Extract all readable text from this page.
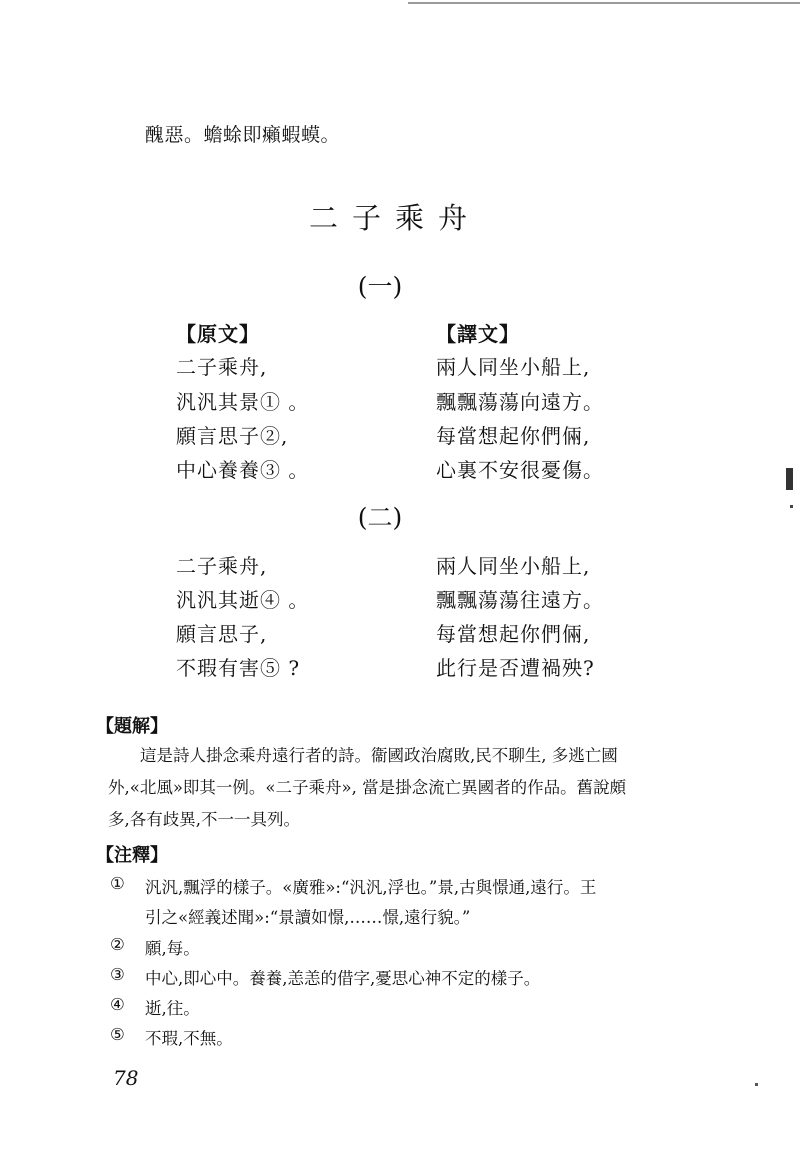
醜惡。蟾蜍即癩蝦蟆。
二子乘舟
(一)
【原文】	【譯文】
二子乘舟,
汎汎其景① 。
願言思子②,
中心養養③ 。
兩人同坐小船上,
飄飄蕩蕩向遠方。
每當想起你們倆,
心裏不安很憂傷。
(二)
二子乘舟,
汎汎其逝④ 。
願言思子,
不瑕有害⑤ ?
兩人同坐小船上,
飄飄蕩蕩往遠方。
每當想起你們倆,
此行是否遭禍殃?
【題解】
這是詩人掛念乘舟遠行者的詩。衞國政治腐敗,民不聊生, 多逃亡國
外,«北風»即其一例。«二子乘舟», 當是掛念流亡異國者的作品。舊說頗
多,各有歧異,不一一具列。
【注釋】
① 汎汎,飄浮的樣子。«廣雅»:“汎汎,浮也。”景,古與憬通,遠行。王
引之«經義述聞»:“景讀如憬,……憬,遠行貌。”
② 願,每。
③ 中心,即心中。養養,恙恙的借字,憂思心神不定的樣子。
④ 逝,往。
⑤ 不瑕,不無。
78
